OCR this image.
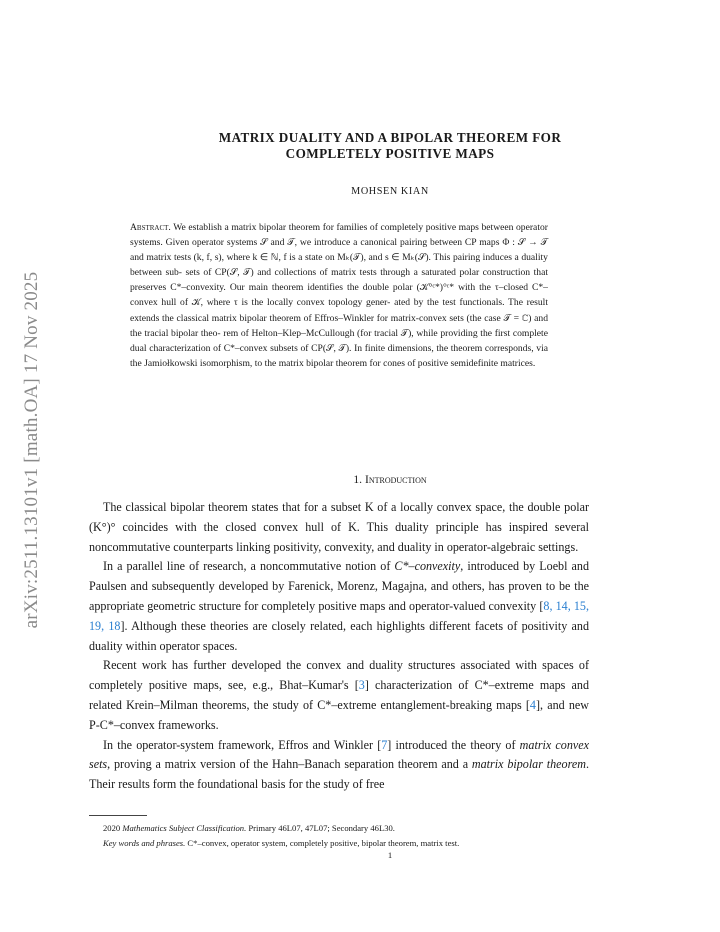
arXiv:2511.13101v1 [math.OA] 17 Nov 2025
MATRIX DUALITY AND A BIPOLAR THEOREM FOR
COMPLETELY POSITIVE MAPS
MOHSEN KIAN
Abstract. We establish a matrix bipolar theorem for families of completely positive maps between operator systems. Given operator systems 𝒮 and 𝒯, we introduce a canonical pairing between CP maps Φ : 𝒮 → 𝒯 and matrix tests (k, f, s), where k ∈ ℕ, f is a state on Mₖ(𝒯), and s ∈ Mₖ(𝒮). This pairing induces a duality between sub- sets of CP(𝒮, 𝒯) and collections of matrix tests through a saturated polar construction that preserves C*–convexity. Our main theorem identifies the double polar (𝒦°ᶜ*)°ᶜ* with the τ–closed C*–convex hull of 𝒦, where τ is the locally convex topology gener- ated by the test functionals. The result extends the classical matrix bipolar theorem of Effros–Winkler for matrix-convex sets (the case 𝒯 = ℂ) and the tracial bipolar theo- rem of Helton–Klep–McCullough (for tracial 𝒯), while providing the first complete dual characterization of C*–convex subsets of CP(𝒮, 𝒯). In finite dimensions, the theorem corresponds, via the Jamiołkowski isomorphism, to the matrix bipolar theorem for cones of positive semidefinite matrices.
1. Introduction

The classical bipolar theorem states that for a subset K of a locally convex space, the double polar (K°)° coincides with the closed convex hull of K. This duality principle has inspired several noncommutative counterparts linking positivity, convexity, and duality in operator-algebraic settings.

In a parallel line of research, a noncommutative notion of C*–convexity, introduced by Loebl and Paulsen and subsequently developed by Farenick, Morenz, Magajna, and others, has proven to be the appropriate geometric structure for completely positive maps and operator-valued convexity [8, 14, 15, 19, 18]. Although these theories are closely related, each highlights different facets of positivity and duality within operator spaces.

Recent work has further developed the convex and duality structures associated with spaces of completely positive maps, see, e.g., Bhat–Kumar's [3] characterization of C*–extreme maps and related Krein–Milman theorems, the study of C*–extreme entanglement-breaking maps [4], and new P-C*–convex frameworks.

In the operator-system framework, Effros and Winkler [7] introduced the theory of matrix convex sets, proving a matrix version of the Hahn–Banach separation theorem and a matrix bipolar theorem. Their results form the foundational basis for the study of free

2020 Mathematics Subject Classification. Primary 46L07, 47L07; Secondary 46L30.
Key words and phrases. C*–convex, operator system, completely positive, bipolar theorem, matrix test.
1
